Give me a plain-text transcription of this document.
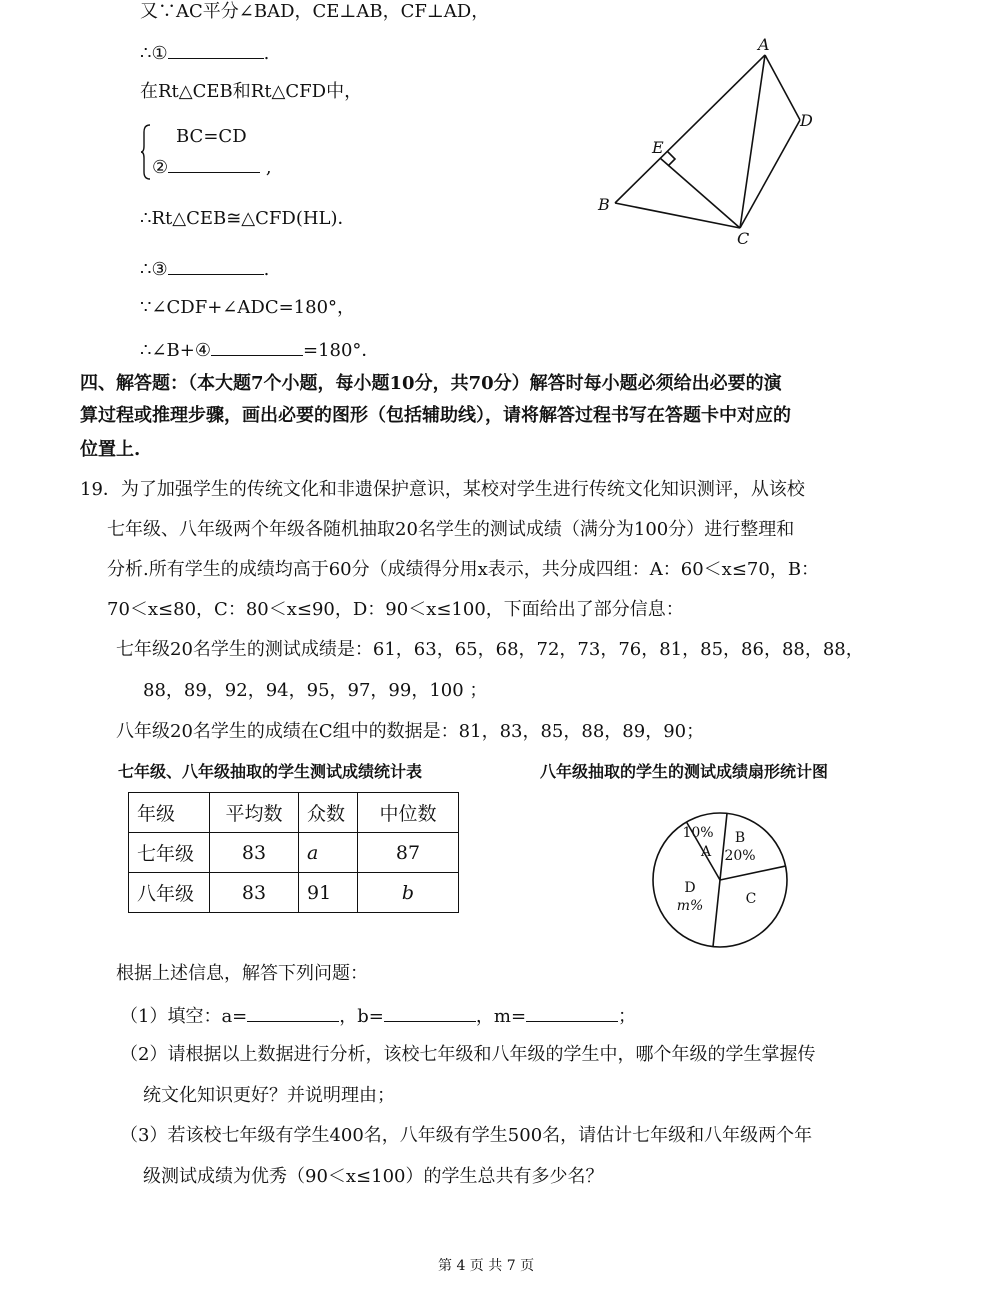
又∵AC平分∠BAD，CE⊥AB，CF⊥AD，
∴①	.
在Rt△CEB和Rt△CFD中，
BC=CD
②	,
∴Rt△CEB≅△CFD(HL)．
∴③	.
∵∠CDF+∠ADC=180°，
∴∠B+④	=180°．
A
D
E
B
C
四、解答题：（本大题7个小题，每小题10分，共70分）解答时每小题必须给出必要的演
算过程或推理步骤，画出必要的图形（包括辅助线），请将解答过程书写在答题卡中对应的
位置上.
19．为了加强学生的传统文化和非遗保护意识，某校对学生进行传统文化知识测评，从该校
七年级、八年级两个年级各随机抽取20名学生的测试成绩（满分为100分）进行整理和
分析.所有学生的成绩均高于60分（成绩得分用x表示，共分成四组：A：60＜x≤70，B：
70＜x≤80，C：80＜x≤90，D：90＜x≤100，下面给出了部分信息：
七年级20名学生的测试成绩是：61，63，65，68，72，73，76，81，85，86，88，88，
88，89，92，94，95，97，99，100 ；
八年级20名学生的成绩在C组中的数据是：81，83，85，88，89，90；
七年级、八年级抽取的学生测试成绩统计表	八年级抽取的学生的测试成绩扇形统计图
年级	平均数	众数	中位数
七年级	83	a	87
八年级	83	91	b
10%
A
B
20%
C
D
m%
根据上述信息，解答下列问题：
（1）填空：a=	，b=	，m=	；
（2）请根据以上数据进行分析，该校七年级和八年级的学生中，哪个年级的学生掌握传
统文化知识更好？并说明理由；
（3）若该校七年级有学生400名，八年级有学生500名，请估计七年级和八年级两个年
级测试成绩为优秀（90＜x≤100）的学生总共有多少名？
第 4 页 共 7 页
